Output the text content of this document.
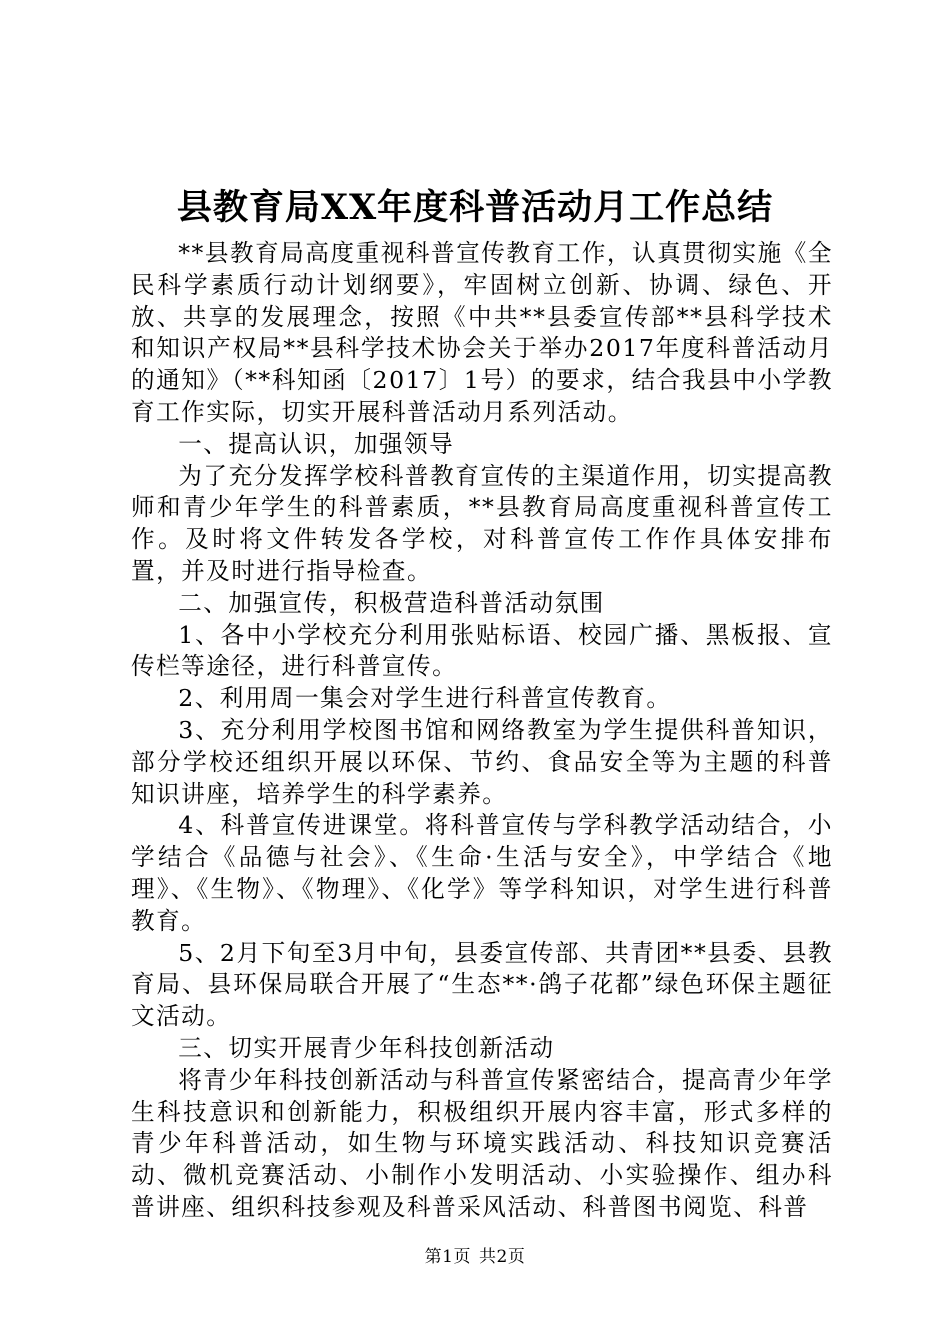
县教育局XX年度科普活动月工作总结

**县教育局高度重视科普宣传教育工作，认真贯彻实施《全民科学素质行动计划纲要》，牢固树立创新、协调、绿色、开放、共享的发展理念，按照《中共**县委宣传部**县科学技术和知识产权局**县科学技术协会关于举办2017年度科普活动月的通知》（**科知函〔2017〕1号）的要求，结合我县中小学教育工作实际，切实开展科普活动月系列活动。

一、提高认识，加强领导

为了充分发挥学校科普教育宣传的主渠道作用，切实提高教师和青少年学生的科普素质，**县教育局高度重视科普宣传工作。及时将文件转发各学校，对科普宣传工作作具体安排布置，并及时进行指导检查。

二、加强宣传，积极营造科普活动氛围

1、各中小学校充分利用张贴标语、校园广播、黑板报、宣传栏等途径，进行科普宣传。

2、利用周一集会对学生进行科普宣传教育。

3、充分利用学校图书馆和网络教室为学生提供科普知识，部分学校还组织开展以环保、节约、食品安全等为主题的科普知识讲座，培养学生的科学素养。

4、科普宣传进课堂。将科普宣传与学科教学活动结合，小学结合《品德与社会》、《生命·生活与安全》，中学结合《地理》、《生物》、《物理》、《化学》等学科知识，对学生进行科普教育。

5、2月下旬至3月中旬，县委宣传部、共青团**县委、县教育局、县环保局联合开展了“生态**·鸽子花都”绿色环保主题征文活动。

三、切实开展青少年科技创新活动

将青少年科技创新活动与科普宣传紧密结合，提高青少年学生科技意识和创新能力，积极组织开展内容丰富，形式多样的青少年科普活动，如生物与环境实践活动、科技知识竞赛活动、微机竞赛活动、小制作小发明活动、小实验操作、组办科普讲座、组织科技参观及科普采风活动、科普图书阅览、科普

第1页 共2页
